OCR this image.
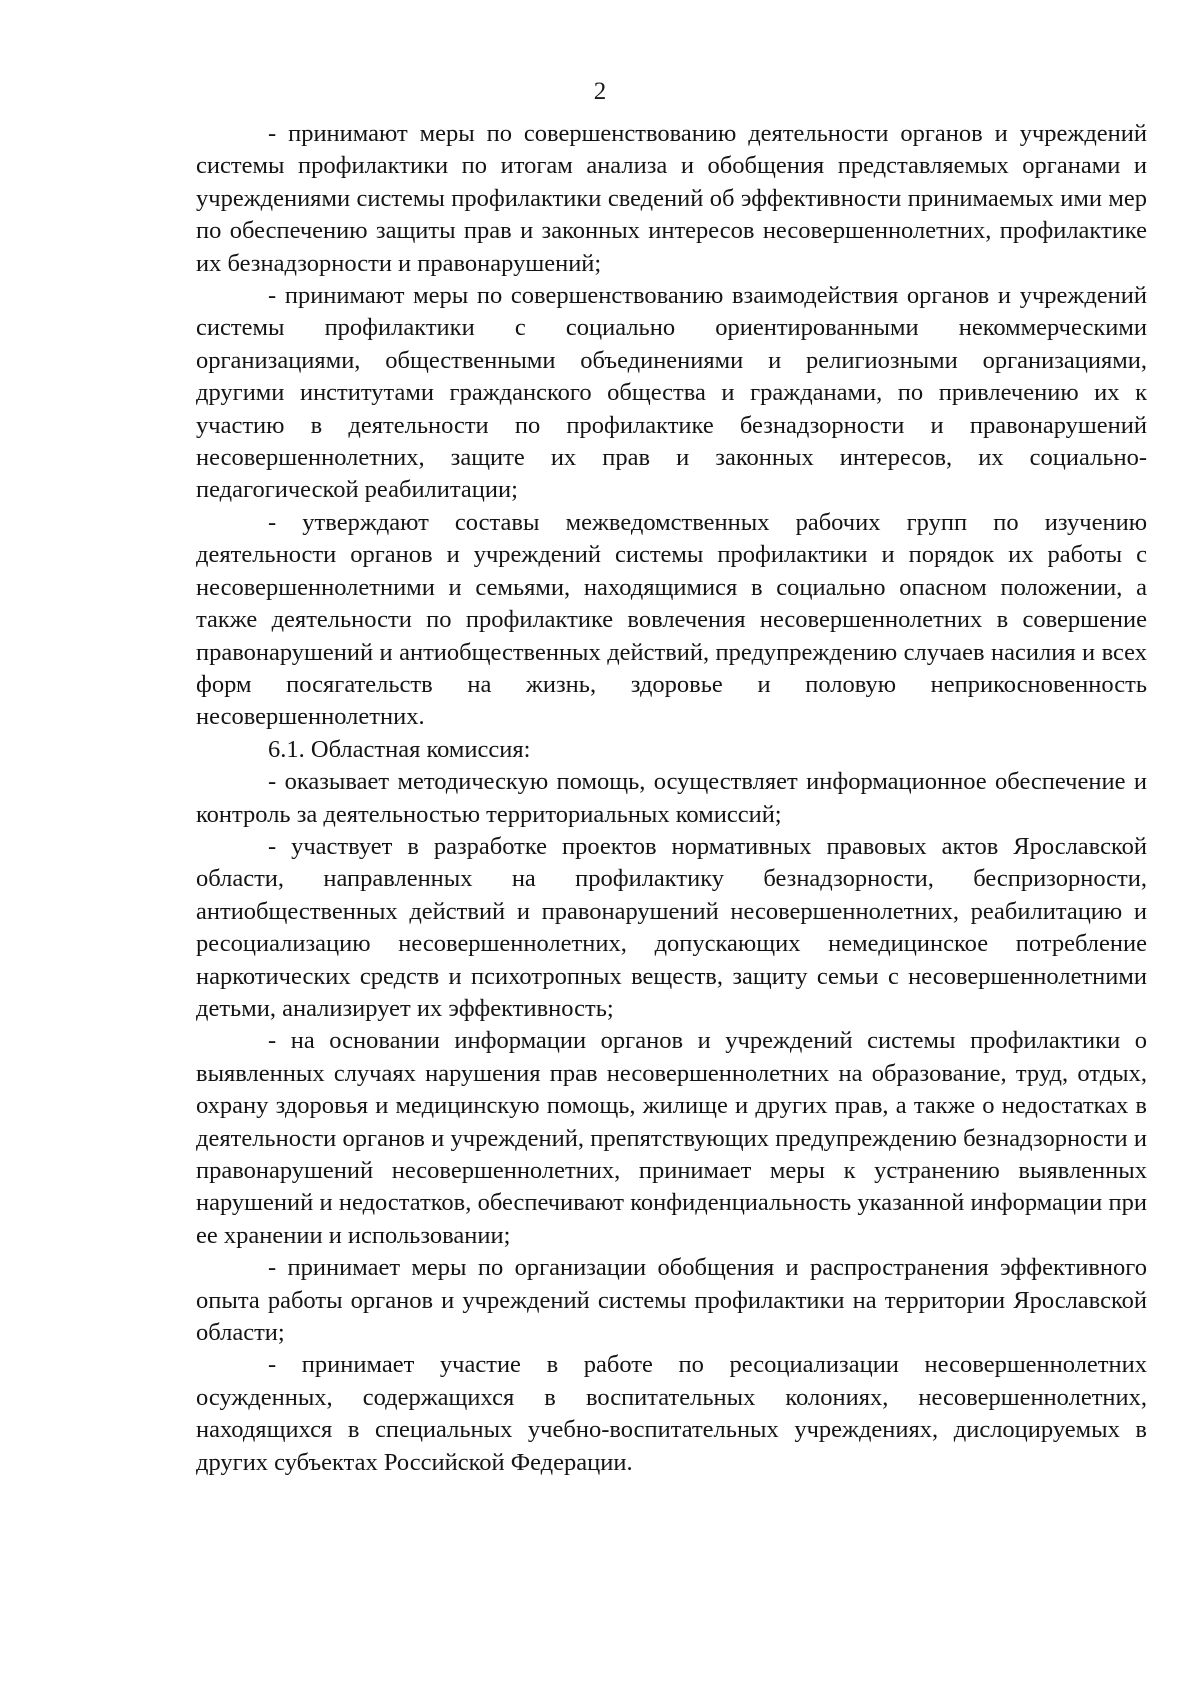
2

- принимают меры по совершенствованию деятельности органов и учреждений системы профилактики по итогам анализа и обобщения представляемых органами и учреждениями системы профилактики сведений об эффективности принимаемых ими мер по обеспечению защиты прав и законных интересов несовершеннолетних, профилактике их безнадзорности и правонарушений;

- принимают меры по совершенствованию взаимодействия органов и учреждений системы профилактики с социально ориентированными некоммерческими организациями, общественными объединениями и религиозными организациями, другими институтами гражданского общества и гражданами, по привлечению их к участию в деятельности по профилактике безнадзорности и правонарушений несовершеннолетних, защите их прав и законных интересов, их социально-педагогической реабилитации;

- утверждают составы межведомственных рабочих групп по изучению деятельности органов и учреждений системы профилактики и порядок их работы с несовершеннолетними и семьями, находящимися в социально опасном положении, а также деятельности по профилактике вовлечения несовершеннолетних в совершение правонарушений и антиобщественных действий, предупреждению случаев насилия и всех форм посягательств на жизнь, здоровье и половую неприкосновенность несовершеннолетних.

6.1. Областная комиссия:

- оказывает методическую помощь, осуществляет информационное обеспечение и контроль за деятельностью территориальных комиссий;

- участвует в разработке проектов нормативных правовых актов Ярославской области, направленных на профилактику безнадзорности, беспризорности, антиобщественных действий и правонарушений несовершеннолетних, реабилитацию и ресоциализацию несовершеннолетних, допускающих немедицинское потребление наркотических средств и психотропных веществ, защиту семьи с несовершеннолетними детьми, анализирует их эффективность;

- на основании информации органов и учреждений системы профилактики о выявленных случаях нарушения прав несовершеннолетних на образование, труд, отдых, охрану здоровья и медицинскую помощь, жилище и других прав, а также о недостатках в деятельности органов и учреждений, препятствующих предупреждению безнадзорности и правонарушений несовершеннолетних, принимает меры к устранению выявленных нарушений и недостатков, обеспечивают конфиденциальность указанной информации при ее хранении и использовании;

- принимает меры по организации обобщения и распространения эффективного опыта работы органов и учреждений системы профилактики на территории Ярославской области;

- принимает участие в работе по ресоциализации несовершеннолетних осужденных, содержащихся в воспитательных колониях, несовершеннолетних, находящихся в специальных учебно-воспитательных учреждениях, дислоцируемых в других субъектах Российской Федерации.
